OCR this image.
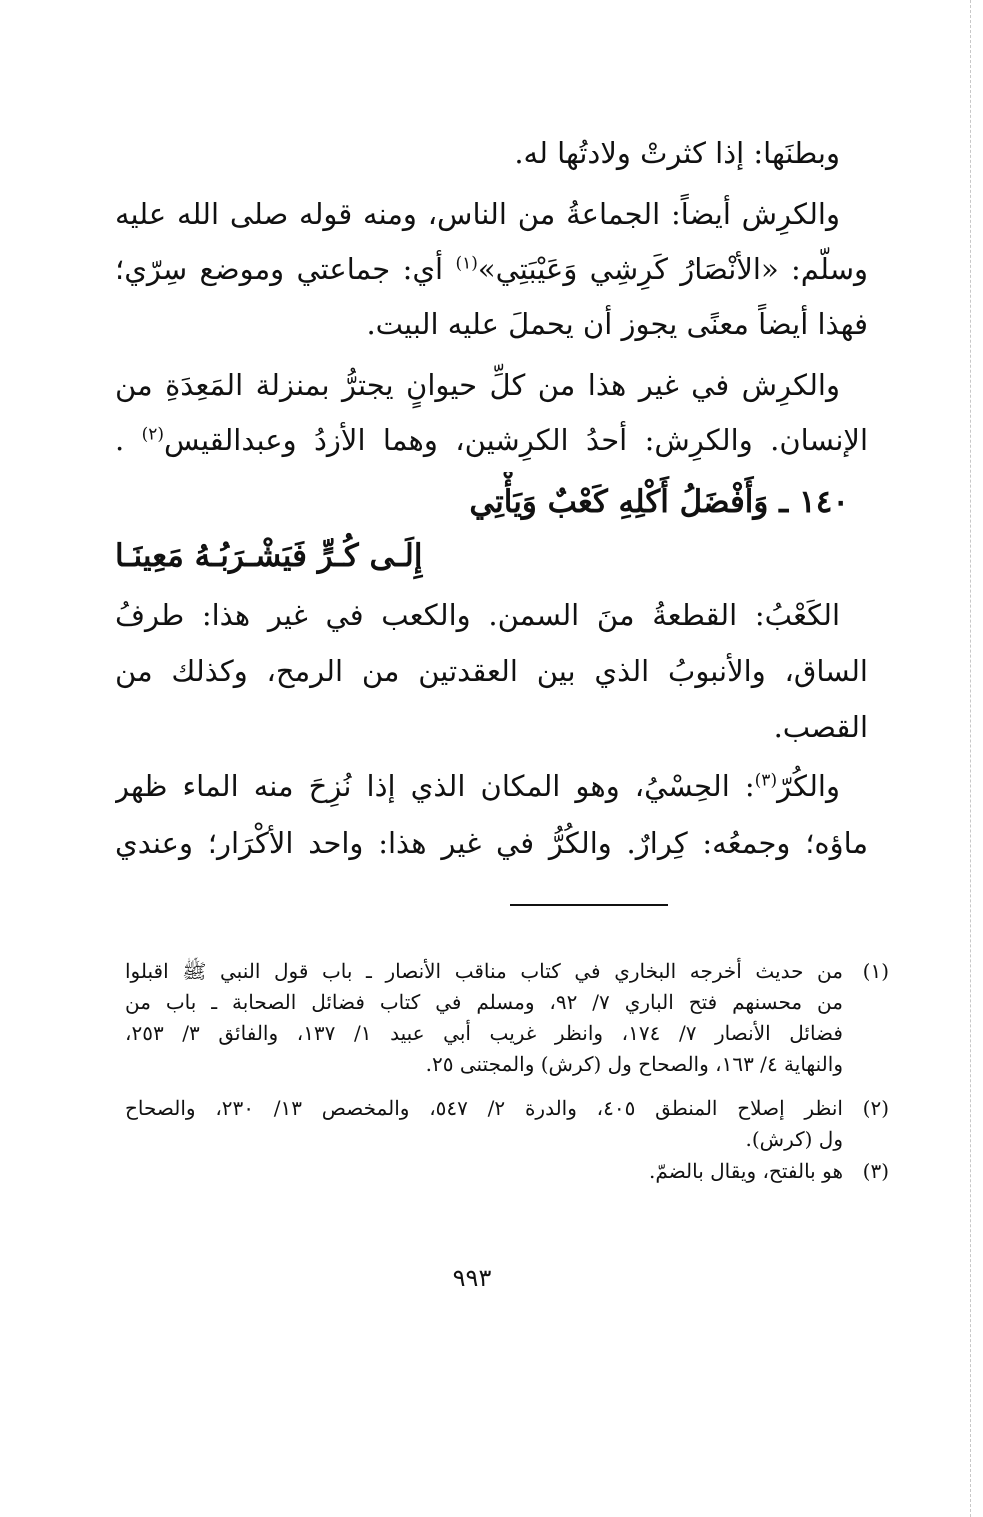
وبطنَها: إذا كثرتْ ولادتُها له.
والكرِش أيضاً: الجماعةُ من الناس، ومنه قوله صلى الله عليه
وسلّم: «الأنْصَارُ كَرِشِي وَعَيْبَتِي»$^{(١)}$ أي: جماعتي وموضع سِرّي؛
فهذا أيضاً معنًى يجوز أن يحملَ عليه البيت.
والكرِش في غير هذا من كلِّ حيوانٍ يجترُّ بمنزلة المَعِدَةِ من
الإنسان. والكرِش: أحدُ الكرِشين، وهما الأزدُ وعبدالقيس$^{(٢)}$ .
١٤٠ ـ وَأَفْضَلُ أَكْلِهِ كَعْبٌ وَيَأْتِي
إِلَـى كُـرٍّ فَيَشْـرَبُـهُ مَعِينَـا
الكَعْبُ: القطعةُ منَ السمن. والكعب في غير هذا: طرفُ
الساق، والأنبوبُ الذي بين العقدتين من الرمح، وكذلك من
القصب.
والكُرّ$^{(٣)}$: الحِسْيُ، وهو المكان الذي إذا نُزِحَ منه الماء ظهر
ماؤه؛ وجمعُه: كِرارٌ. والكُرُّ في غير هذا: واحد الأكْرَار؛ وعندي
(١)
من حديث أخرجه البخاري في كتاب مناقب الأنصار ـ باب قول النبي ﷺ اقبلوا
من محسنهم فتح الباري ٧/ ٩٢، ومسلم في كتاب فضائل الصحابة ـ باب من
فضائل الأنصار ٧/ ١٧٤، وانظر غريب أبي عبيد ١/ ١٣٧، والفائق ٣/ ٢٥٣،
والنهاية ٤/ ١٦٣، والصحاح ول (كرش) والمجتنى ٢٥.
(٢)
انظر إصلاح المنطق ٤٠٥، والدرة ٢/ ٥٤٧، والمخصص ١٣/ ٢٣٠، والصحاح
ول (كرش).
(٣)
هو بالفتح، ويقال بالضمّ.
٩٩٣
